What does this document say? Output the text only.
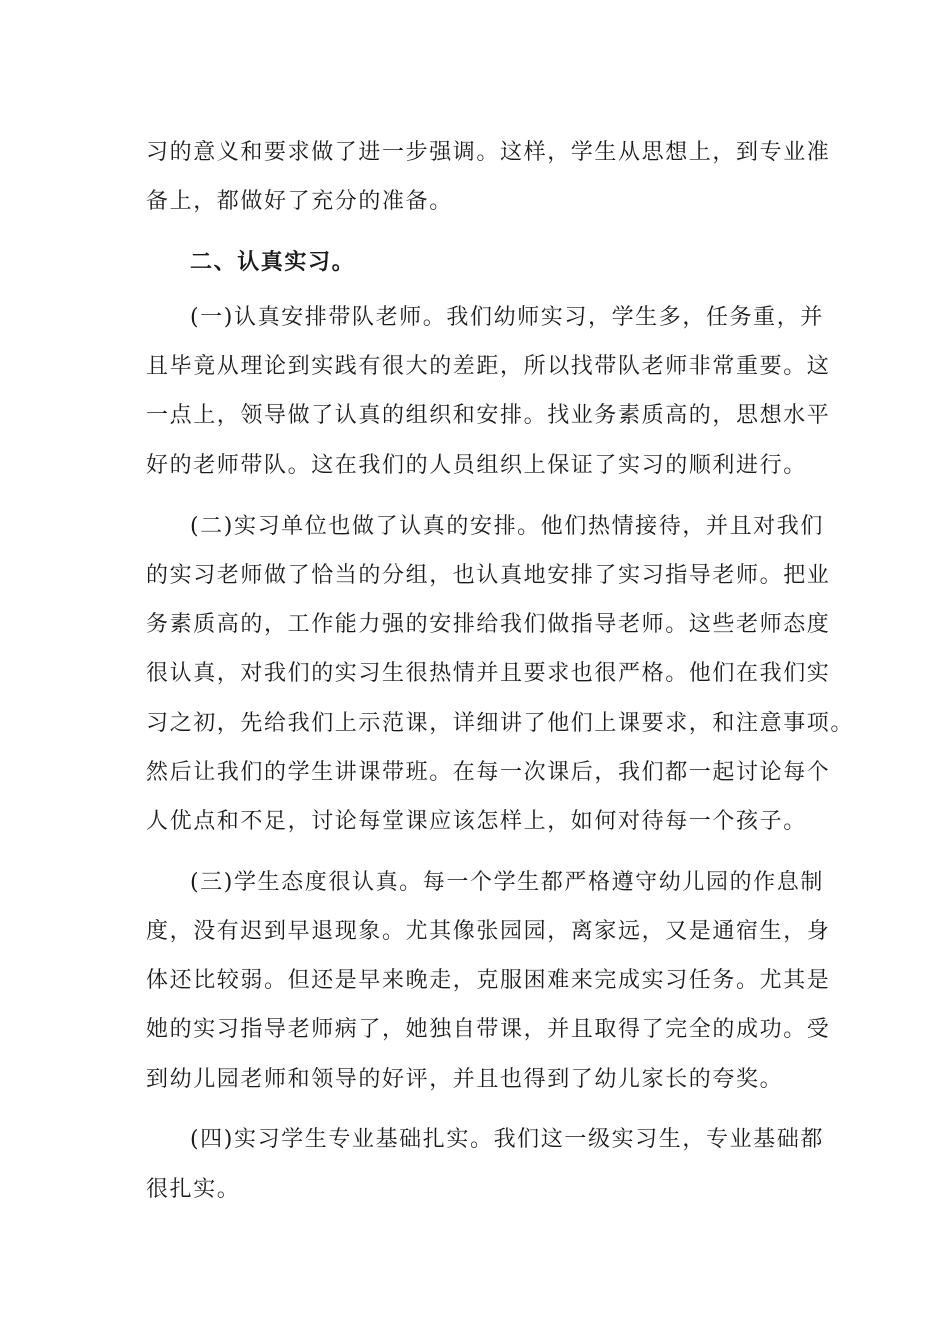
习的意义和要求做了进一步强调。这样，学生从思想上，到专业准
备上，都做好了充分的准备。
二、认真实习。
(一)认真安排带队老师。我们幼师实习，学生多，任务重，并
且毕竟从理论到实践有很大的差距，所以找带队老师非常重要。这
一点上，领导做了认真的组织和安排。找业务素质高的，思想水平
好的老师带队。这在我们的人员组织上保证了实习的顺利进行。
(二)实习单位也做了认真的安排。他们热情接待，并且对我们
的实习老师做了恰当的分组，也认真地安排了实习指导老师。把业
务素质高的，工作能力强的安排给我们做指导老师。这些老师态度
很认真，对我们的实习生很热情并且要求也很严格。他们在我们实
习之初，先给我们上示范课，详细讲了他们上课要求，和注意事项。
然后让我们的学生讲课带班。在每一次课后，我们都一起讨论每个
人优点和不足，讨论每堂课应该怎样上，如何对待每一个孩子。
(三)学生态度很认真。每一个学生都严格遵守幼儿园的作息制
度，没有迟到早退现象。尤其像张园园，离家远，又是通宿生，身
体还比较弱。但还是早来晚走，克服困难来完成实习任务。尤其是
她的实习指导老师病了，她独自带课，并且取得了完全的成功。受
到幼儿园老师和领导的好评，并且也得到了幼儿家长的夸奖。
(四)实习学生专业基础扎实。我们这一级实习生，专业基础都
很扎实。
